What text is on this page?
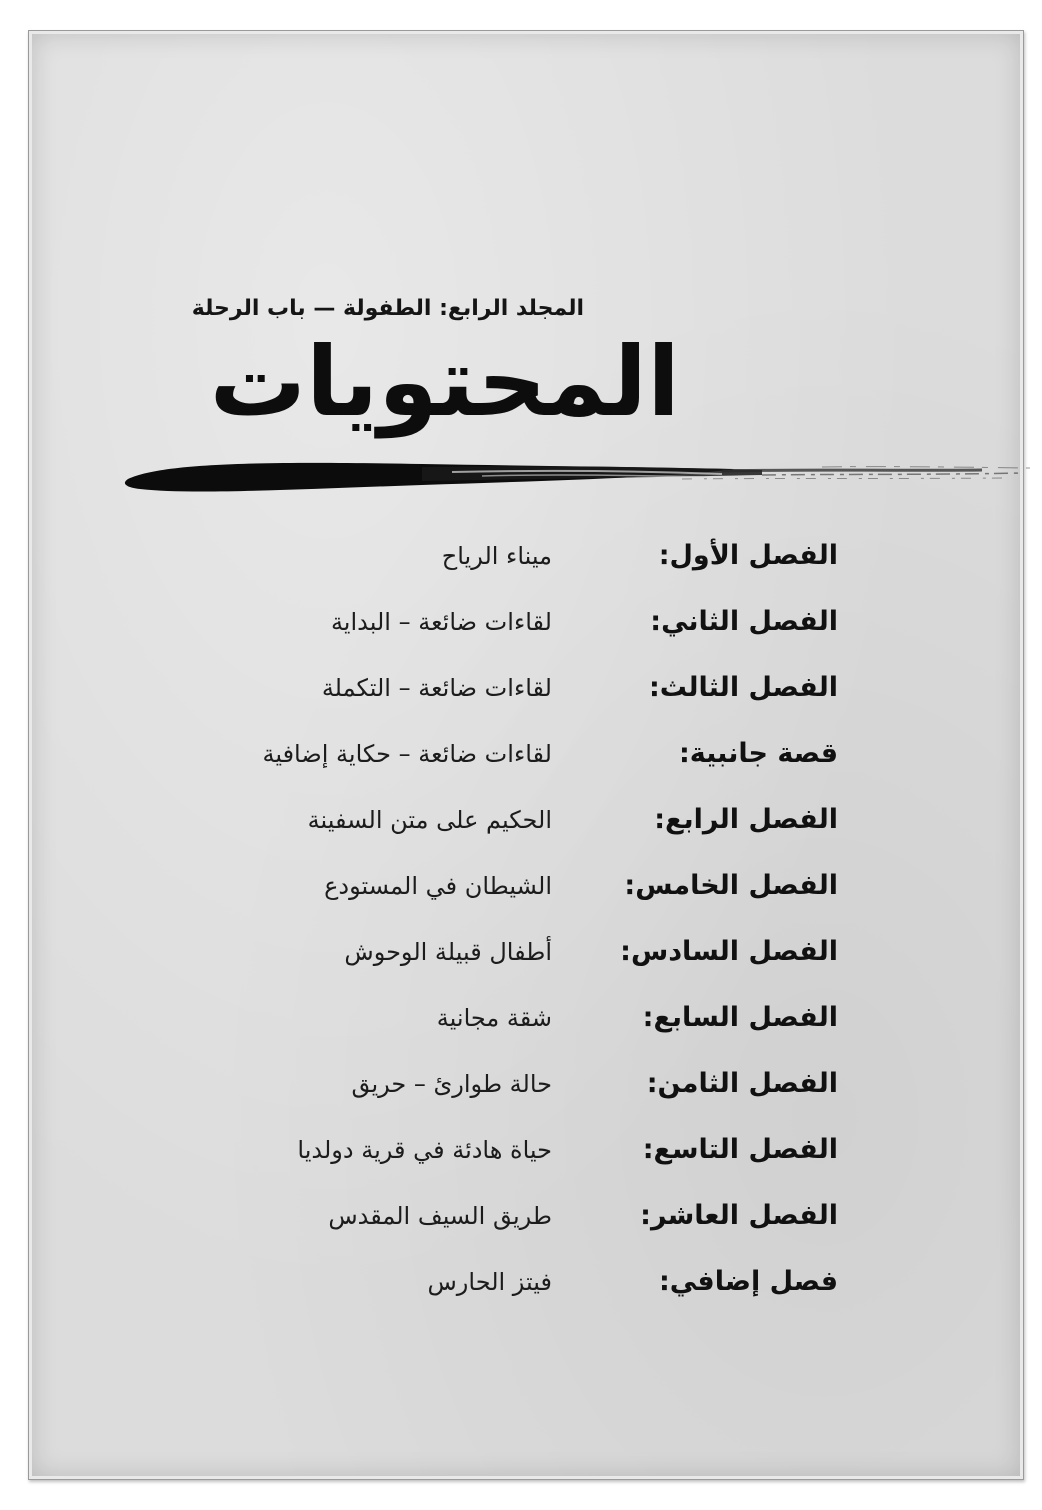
المجلد الرابع: الطفولة — باب الرحلة
المحتويات
الفصل الأول:
ميناء الرياح
الفصل الثاني:
لقاءات ضائعة – البداية
الفصل الثالث:
لقاءات ضائعة – التكملة
قصة جانبية:
لقاءات ضائعة – حكاية إضافية
الفصل الرابع:
الحكيم على متن السفينة
الفصل الخامس:
الشيطان في المستودع
الفصل السادس:
أطفال قبيلة الوحوش
الفصل السابع:
شقة مجانية
الفصل الثامن:
حالة طوارئ – حريق
الفصل التاسع:
حياة هادئة في قرية دولديا
الفصل العاشر:
طريق السيف المقدس
فصل إضافي:
فيتز الحارس
